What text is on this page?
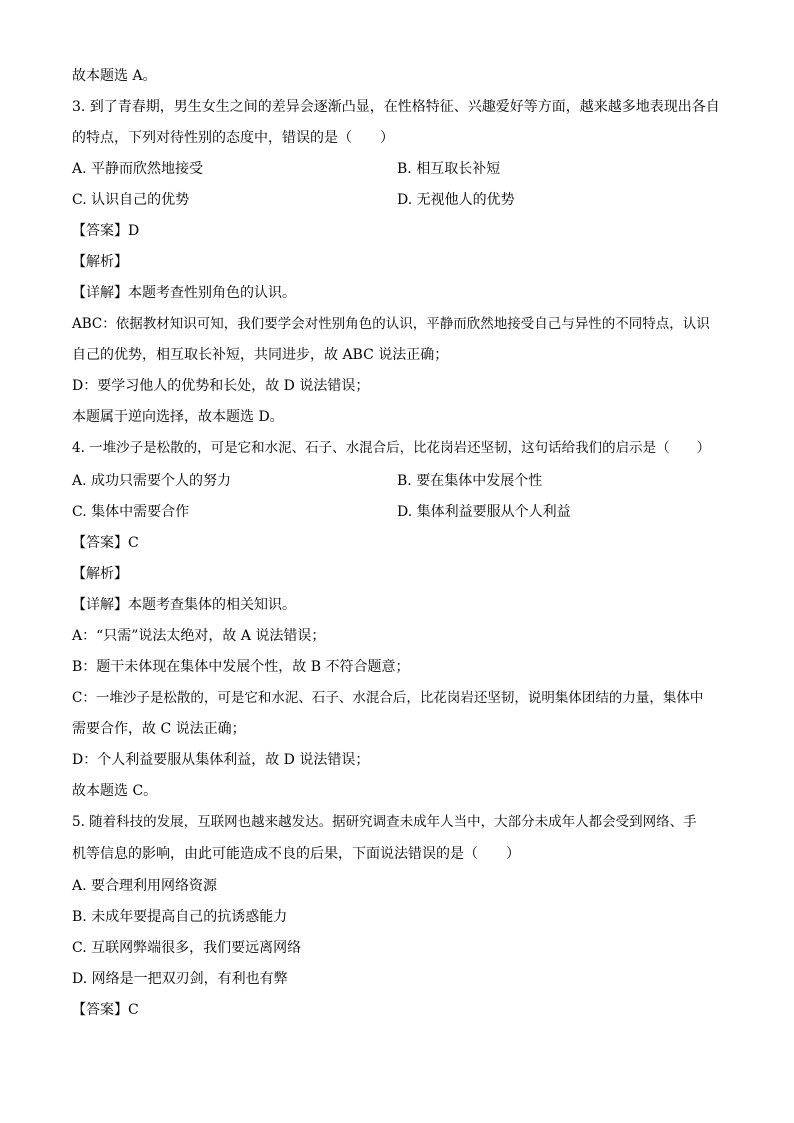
故本题选 A。
3. 到了青春期，男生女生之间的差异会逐渐凸显，在性格特征、兴趣爱好等方面，越来越多地表现出各自
的特点，下列对待性别的态度中，错误的是（　　）
A. 平静而欣然地接受	B. 相互取长补短
C. 认识自己的优势	D. 无视他人的优势
【答案】D
【解析】
【详解】本题考查性别角色的认识。
ABC：依据教材知识可知，我们要学会对性别角色的认识，平静而欣然地接受自己与异性的不同特点，认识
自己的优势，相互取长补短，共同进步，故 ABC 说法正确；
D：要学习他人的优势和长处，故 D 说法错误；
本题属于逆向选择，故本题选 D。
4. 一堆沙子是松散的，可是它和水泥、石子、水混合后，比花岗岩还坚韧，这句话给我们的启示是（　　）
A. 成功只需要个人的努力	B. 要在集体中发展个性
C. 集体中需要合作	D. 集体利益要服从个人利益
【答案】C
【解析】
【详解】本题考查集体的相关知识。
A：“只需”说法太绝对，故 A 说法错误；
B：题干未体现在集体中发展个性，故 B 不符合题意；
C：一堆沙子是松散的，可是它和水泥、石子、水混合后，比花岗岩还坚韧，说明集体团结的力量，集体中
需要合作，故 C 说法正确；
D：个人利益要服从集体利益，故 D 说法错误；
故本题选 C。
5. 随着科技的发展，互联网也越来越发达。据研究调查未成年人当中，大部分未成年人都会受到网络、手
机等信息的影响，由此可能造成不良的后果，下面说法错误的是（　　）
A. 要合理利用网络资源
B. 未成年要提高自己的抗诱惑能力
C. 互联网弊端很多，我们要远离网络
D. 网络是一把双刃剑，有利也有弊
【答案】C
